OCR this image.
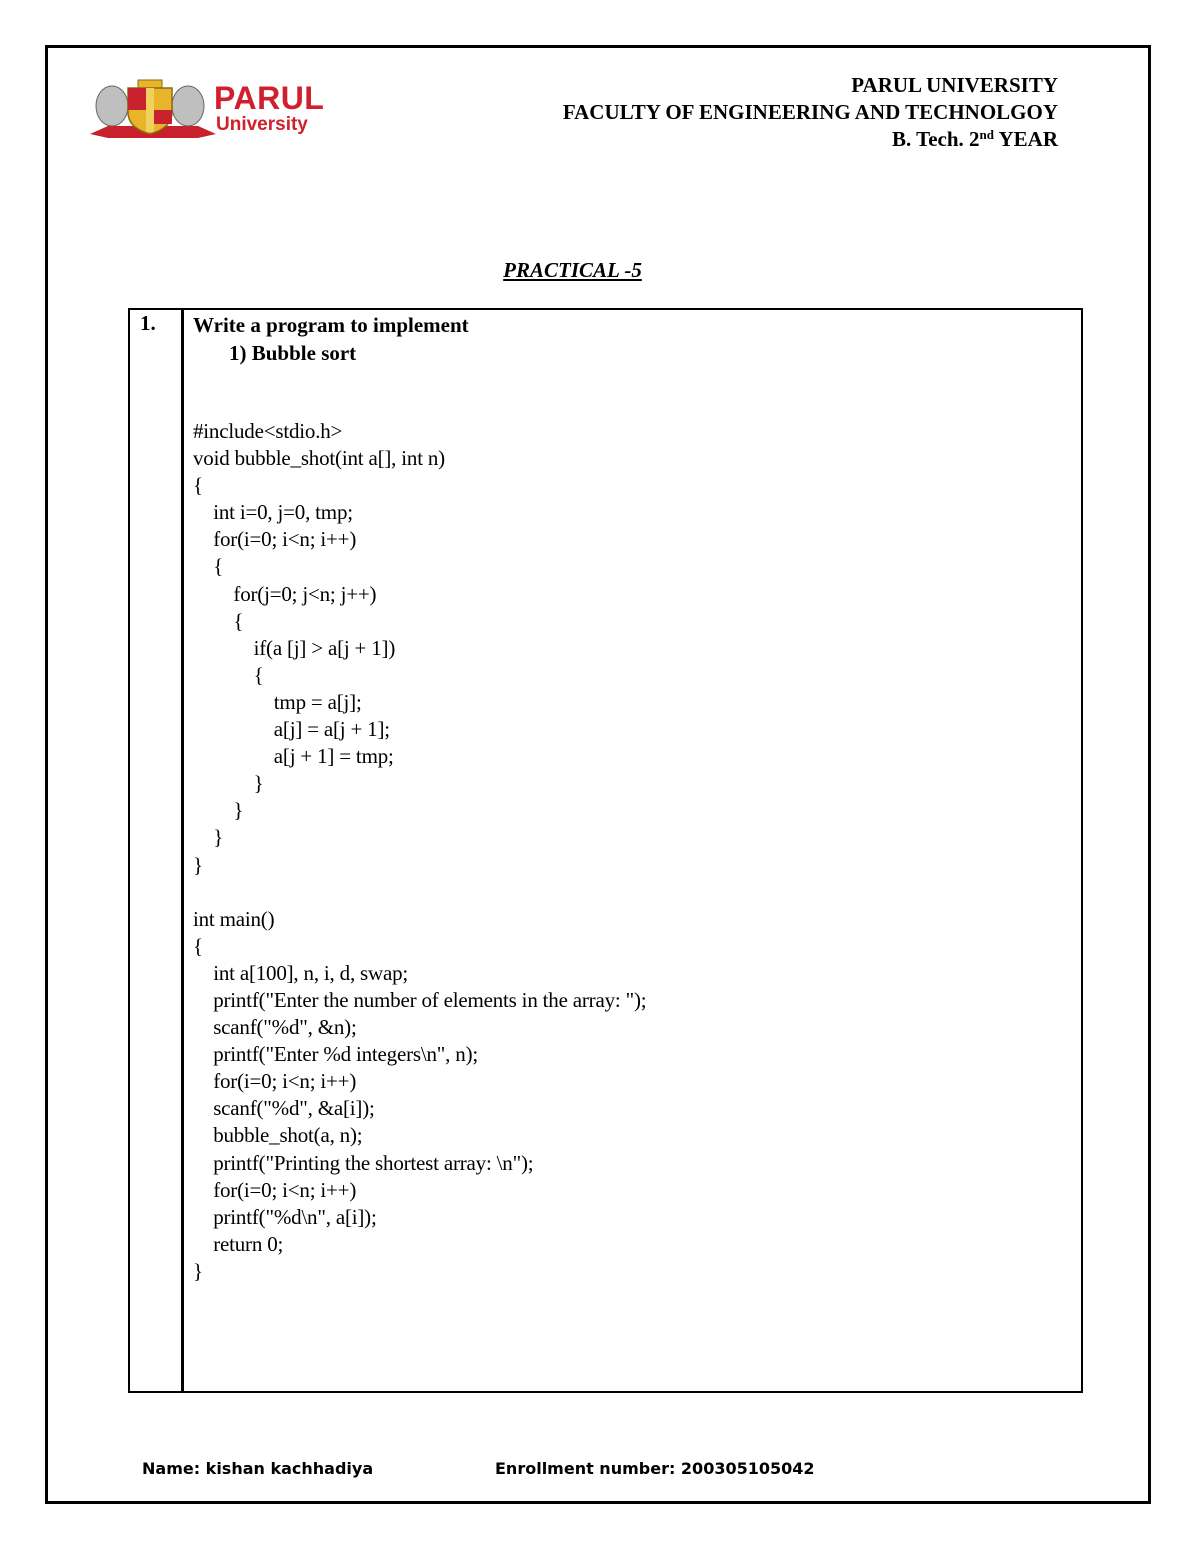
PARUL
University
PARUL UNIVERSITY
FACULTY OF ENGINEERING AND TECHNOLGOY
B. Tech. 2nd YEAR
PRACTICAL -5
1. Write a program to implement
1) Bubble sort
#include<stdio.h>
void bubble_shot(int a[], int n)
{
int i=0, j=0, tmp;
for(i=0; i<n; i++)
{
for(j=0; j<n; j++)
{
if(a [j] > a[j + 1])
{
tmp = a[j];
a[j] = a[j + 1];
a[j + 1] = tmp;
}
}
}
}

int main()
{
int a[100], n, i, d, swap;
printf("Enter the number of elements in the array: ");
scanf("%d", &n);
printf("Enter %d integers\n", n);
for(i=0; i<n; i++)
scanf("%d", &a[i]);
bubble_shot(a, n);
printf("Printing the shortest array: \n");
for(i=0; i<n; i++)
printf("%d\n", a[i]);
return 0;
}
Name: kishan kachhadiya	Enrollment number: 200305105042
